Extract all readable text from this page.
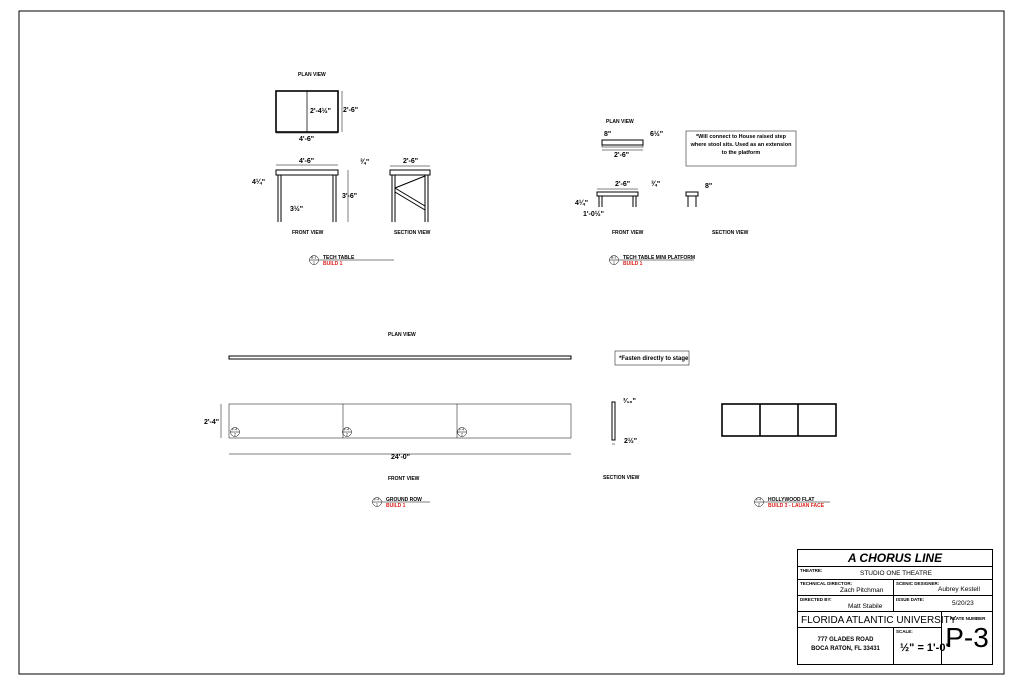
PLAN VIEW
2'-4½" 2'-6"
4'-6"
4'-6"	¾"
4¼"
3½"
3'-6"
FRONT VIEW
2'-6"
SECTION VIEW
B-1
1
TECH TABLE
BUILD 1
PLAN VIEW
8"	6½"
2'-6"
2'-6"	¾"
4¼"
1'-0½"
FRONT VIEW
8"
SECTION VIEW
B-2
1
TECH TABLE MINI PLATFORM
BUILD 1
*Will connect to House raised step where stool sits. Used as an extension to the platform
PLAN VIEW
2'-4"
24'-0"
F-4
2
F-4
2
F-4
2
FRONT VIEW
³⁄₁₆"
2½"
SECTION VIEW
F-4
1
GROUND ROW
BUILD 1
*Fasten directly to stage
F-4
2
HOLLYWOOD FLAT
BUILD 3 - LAUAN FACE
A CHORUS LINE
THEATRE:	STUDIO ONE THEATRE
TECHNICAL DIRECTOR:
Zach Pitchman
SCENIC DESIGNER:
Aubrey Kestell
DIRECTED BY:
Matt Stabile
ISSUE DATE:
5/20/23
FLORIDA ATLANTIC UNIVERSITY
PLATE NUMBER
777 GLADES ROAD
BOCA RATON, FL 33431
SCALE:
½" = 1'-0"
P-3
